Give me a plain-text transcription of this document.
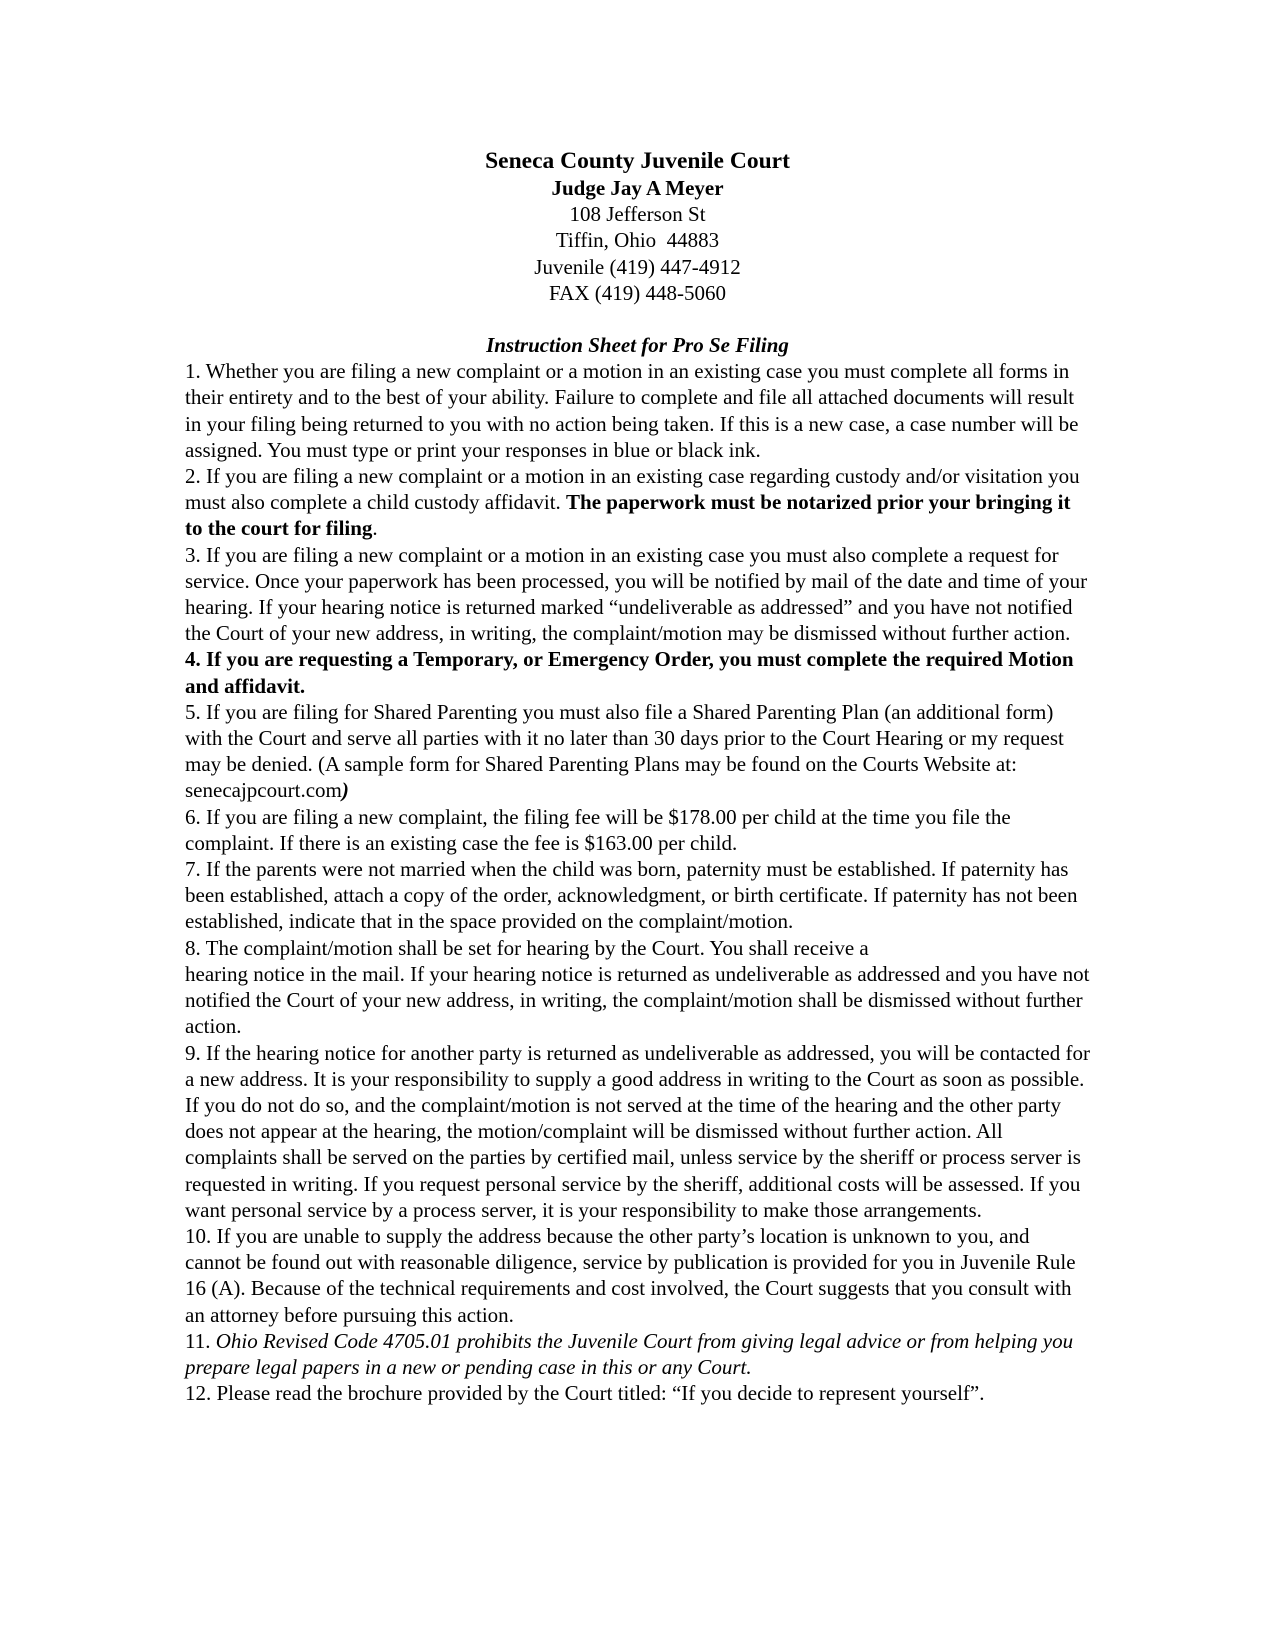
Seneca County Juvenile Court
Judge Jay A Meyer
108 Jefferson St
Tiffin, Ohio  44883
Juvenile (419) 447-4912
FAX (419) 448-5060
Instruction Sheet for Pro Se Filing

1. Whether you are filing a new complaint or a motion in an existing case you must complete all forms in their entirety and to the best of your ability. Failure to complete and file all attached documents will result in your filing being returned to you with no action being taken. If this is a new case, a case number will be assigned. You must type or print your responses in blue or black ink.

2. If you are filing a new complaint or a motion in an existing case regarding custody and/or visitation you must also complete a child custody affidavit. The paperwork must be notarized prior your bringing it to the court for filing.

3. If you are filing a new complaint or a motion in an existing case you must also complete a request for service. Once your paperwork has been processed, you will be notified by mail of the date and time of your hearing. If your hearing notice is returned marked “undeliverable as addressed” and you have not notified the Court of your new address, in writing, the complaint/motion may be dismissed without further action.

4. If you are requesting a Temporary, or Emergency Order, you must complete the required Motion and affidavit.

5. If you are filing for Shared Parenting you must also file a Shared Parenting Plan (an additional form) with the Court and serve all parties with it no later than 30 days prior to the Court Hearing or my request may be denied. (A sample form for Shared Parenting Plans may be found on the Courts Website at: senecajpcourt.com)

6. If you are filing a new complaint, the filing fee will be $178.00 per child at the time you file the complaint. If there is an existing case the fee is $163.00 per child.

7. If the parents were not married when the child was born, paternity must be established. If paternity has been established, attach a copy of the order, acknowledgment, or birth certificate. If paternity has not been established, indicate that in the space provided on the complaint/motion.

8. The complaint/motion shall be set for hearing by the Court. You shall receive a
hearing notice in the mail. If your hearing notice is returned as undeliverable as addressed and you have not notified the Court of your new address, in writing, the complaint/motion shall be dismissed without further action.

9. If the hearing notice for another party is returned as undeliverable as addressed, you will be contacted for a new address. It is your responsibility to supply a good address in writing to the Court as soon as possible. If you do not do so, and the complaint/motion is not served at the time of the hearing and the other party does not appear at the hearing, the motion/complaint will be dismissed without further action. All complaints shall be served on the parties by certified mail, unless service by the sheriff or process server is requested in writing. If you request personal service by the sheriff, additional costs will be assessed. If you want personal service by a process server, it is your responsibility to make those arrangements.

10. If you are unable to supply the address because the other party’s location is unknown to you, and cannot be found out with reasonable diligence, service by publication is provided for you in Juvenile Rule 16 (A). Because of the technical requirements and cost involved, the Court suggests that you consult with an attorney before pursuing this action.

11. Ohio Revised Code 4705.01 prohibits the Juvenile Court from giving legal advice or from helping you prepare legal papers in a new or pending case in this or any Court.

12. Please read the brochure provided by the Court titled: “If you decide to represent yourself”.
